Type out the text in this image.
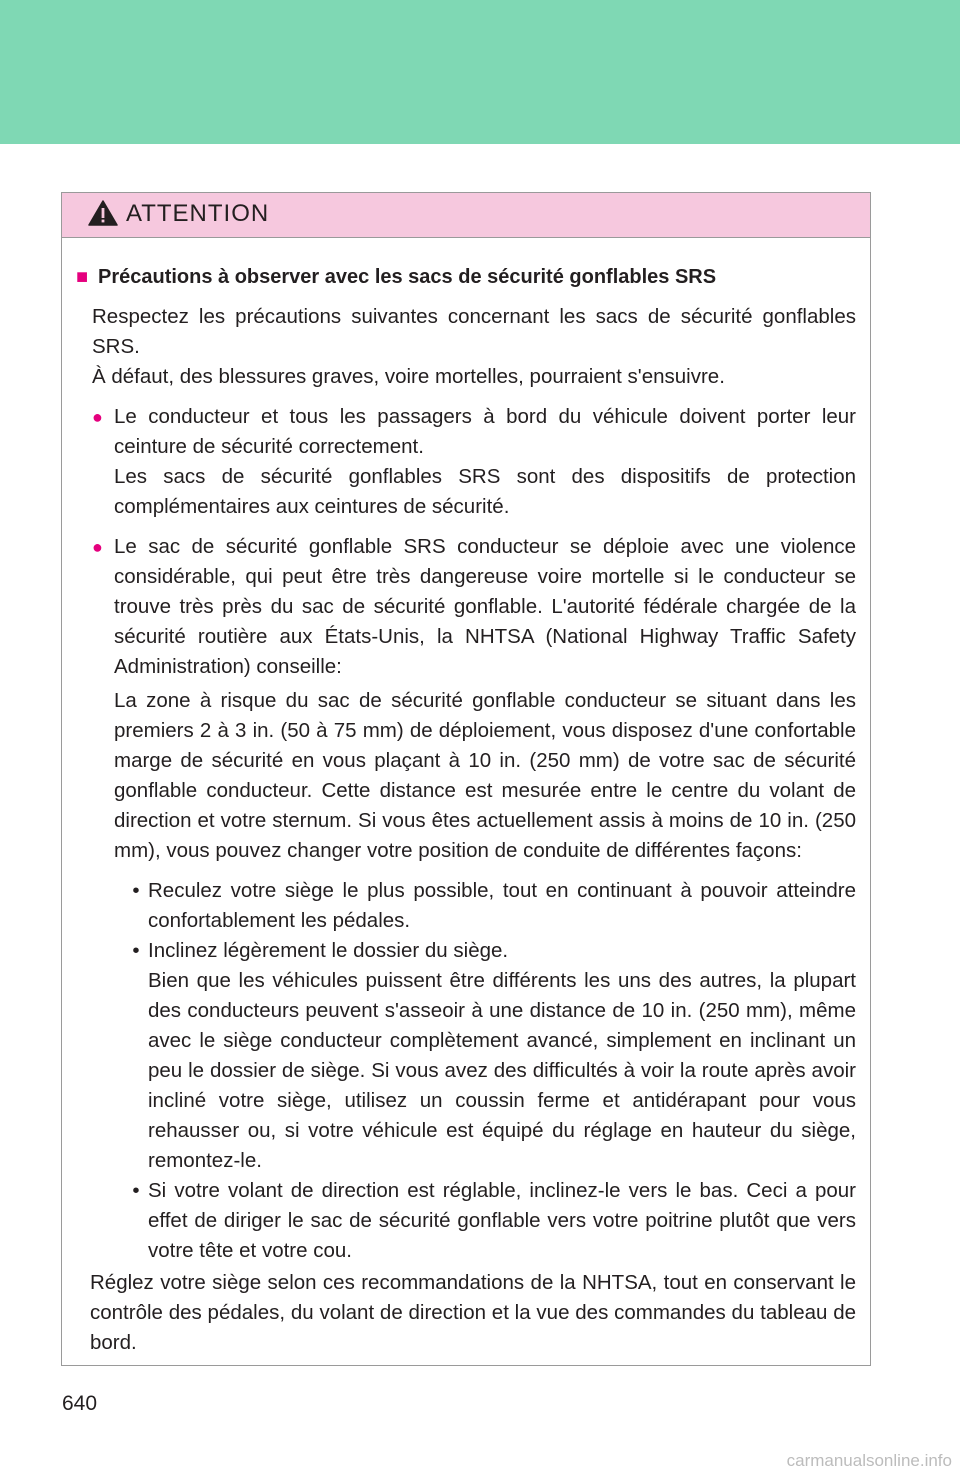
ATTENTION
■ Précautions à observer avec les sacs de sécurité gonflables SRS

Respectez les précautions suivantes concernant les sacs de sécurité gonflables SRS.
À défaut, des blessures graves, voire mortelles, pourraient s'ensuivre.

● Le conducteur et tous les passagers à bord du véhicule doivent porter leur ceinture de sécurité correctement.
Les sacs de sécurité gonflables SRS sont des dispositifs de protection complémentaires aux ceintures de sécurité.
● Le sac de sécurité gonflable SRS conducteur se déploie avec une violence considérable, qui peut être très dangereuse voire mortelle si le conducteur se trouve très près du sac de sécurité gonflable. L'autorité fédérale chargée de la sécurité routière aux États-Unis, la NHTSA (National Highway Traffic Safety Administration) conseille:

La zone à risque du sac de sécurité gonflable conducteur se situant dans les premiers 2 à 3 in. (50 à 75 mm) de déploiement, vous disposez d'une confortable marge de sécurité en vous plaçant à 10 in. (250 mm) de votre sac de sécurité gonflable conducteur. Cette distance est mesurée entre le centre du volant de direction et votre sternum. Si vous êtes actuellement assis à moins de 10 in. (250 mm), vous pouvez changer votre position de conduite de différentes façons:

• Reculez votre siège le plus possible, tout en continuant à pouvoir atteindre confortablement les pédales.
• Inclinez légèrement le dossier du siège.
Bien que les véhicules puissent être différents les uns des autres, la plupart des conducteurs peuvent s'asseoir à une distance de 10 in. (250 mm), même avec le siège conducteur complètement avancé, simplement en inclinant un peu le dossier de siège. Si vous avez des difficultés à voir la route après avoir incliné votre siège, utilisez un coussin ferme et antidérapant pour vous rehausser ou, si votre véhicule est équipé du réglage en hauteur du siège, remontez-le.
• Si votre volant de direction est réglable, inclinez-le vers le bas. Ceci a pour effet de diriger le sac de sécurité gonflable vers votre poitrine plutôt que vers votre tête et votre cou.

Réglez votre siège selon ces recommandations de la NHTSA, tout en conservant le contrôle des pédales, du volant de direction et la vue des commandes du tableau de bord.

640
carmanualsonline.info
